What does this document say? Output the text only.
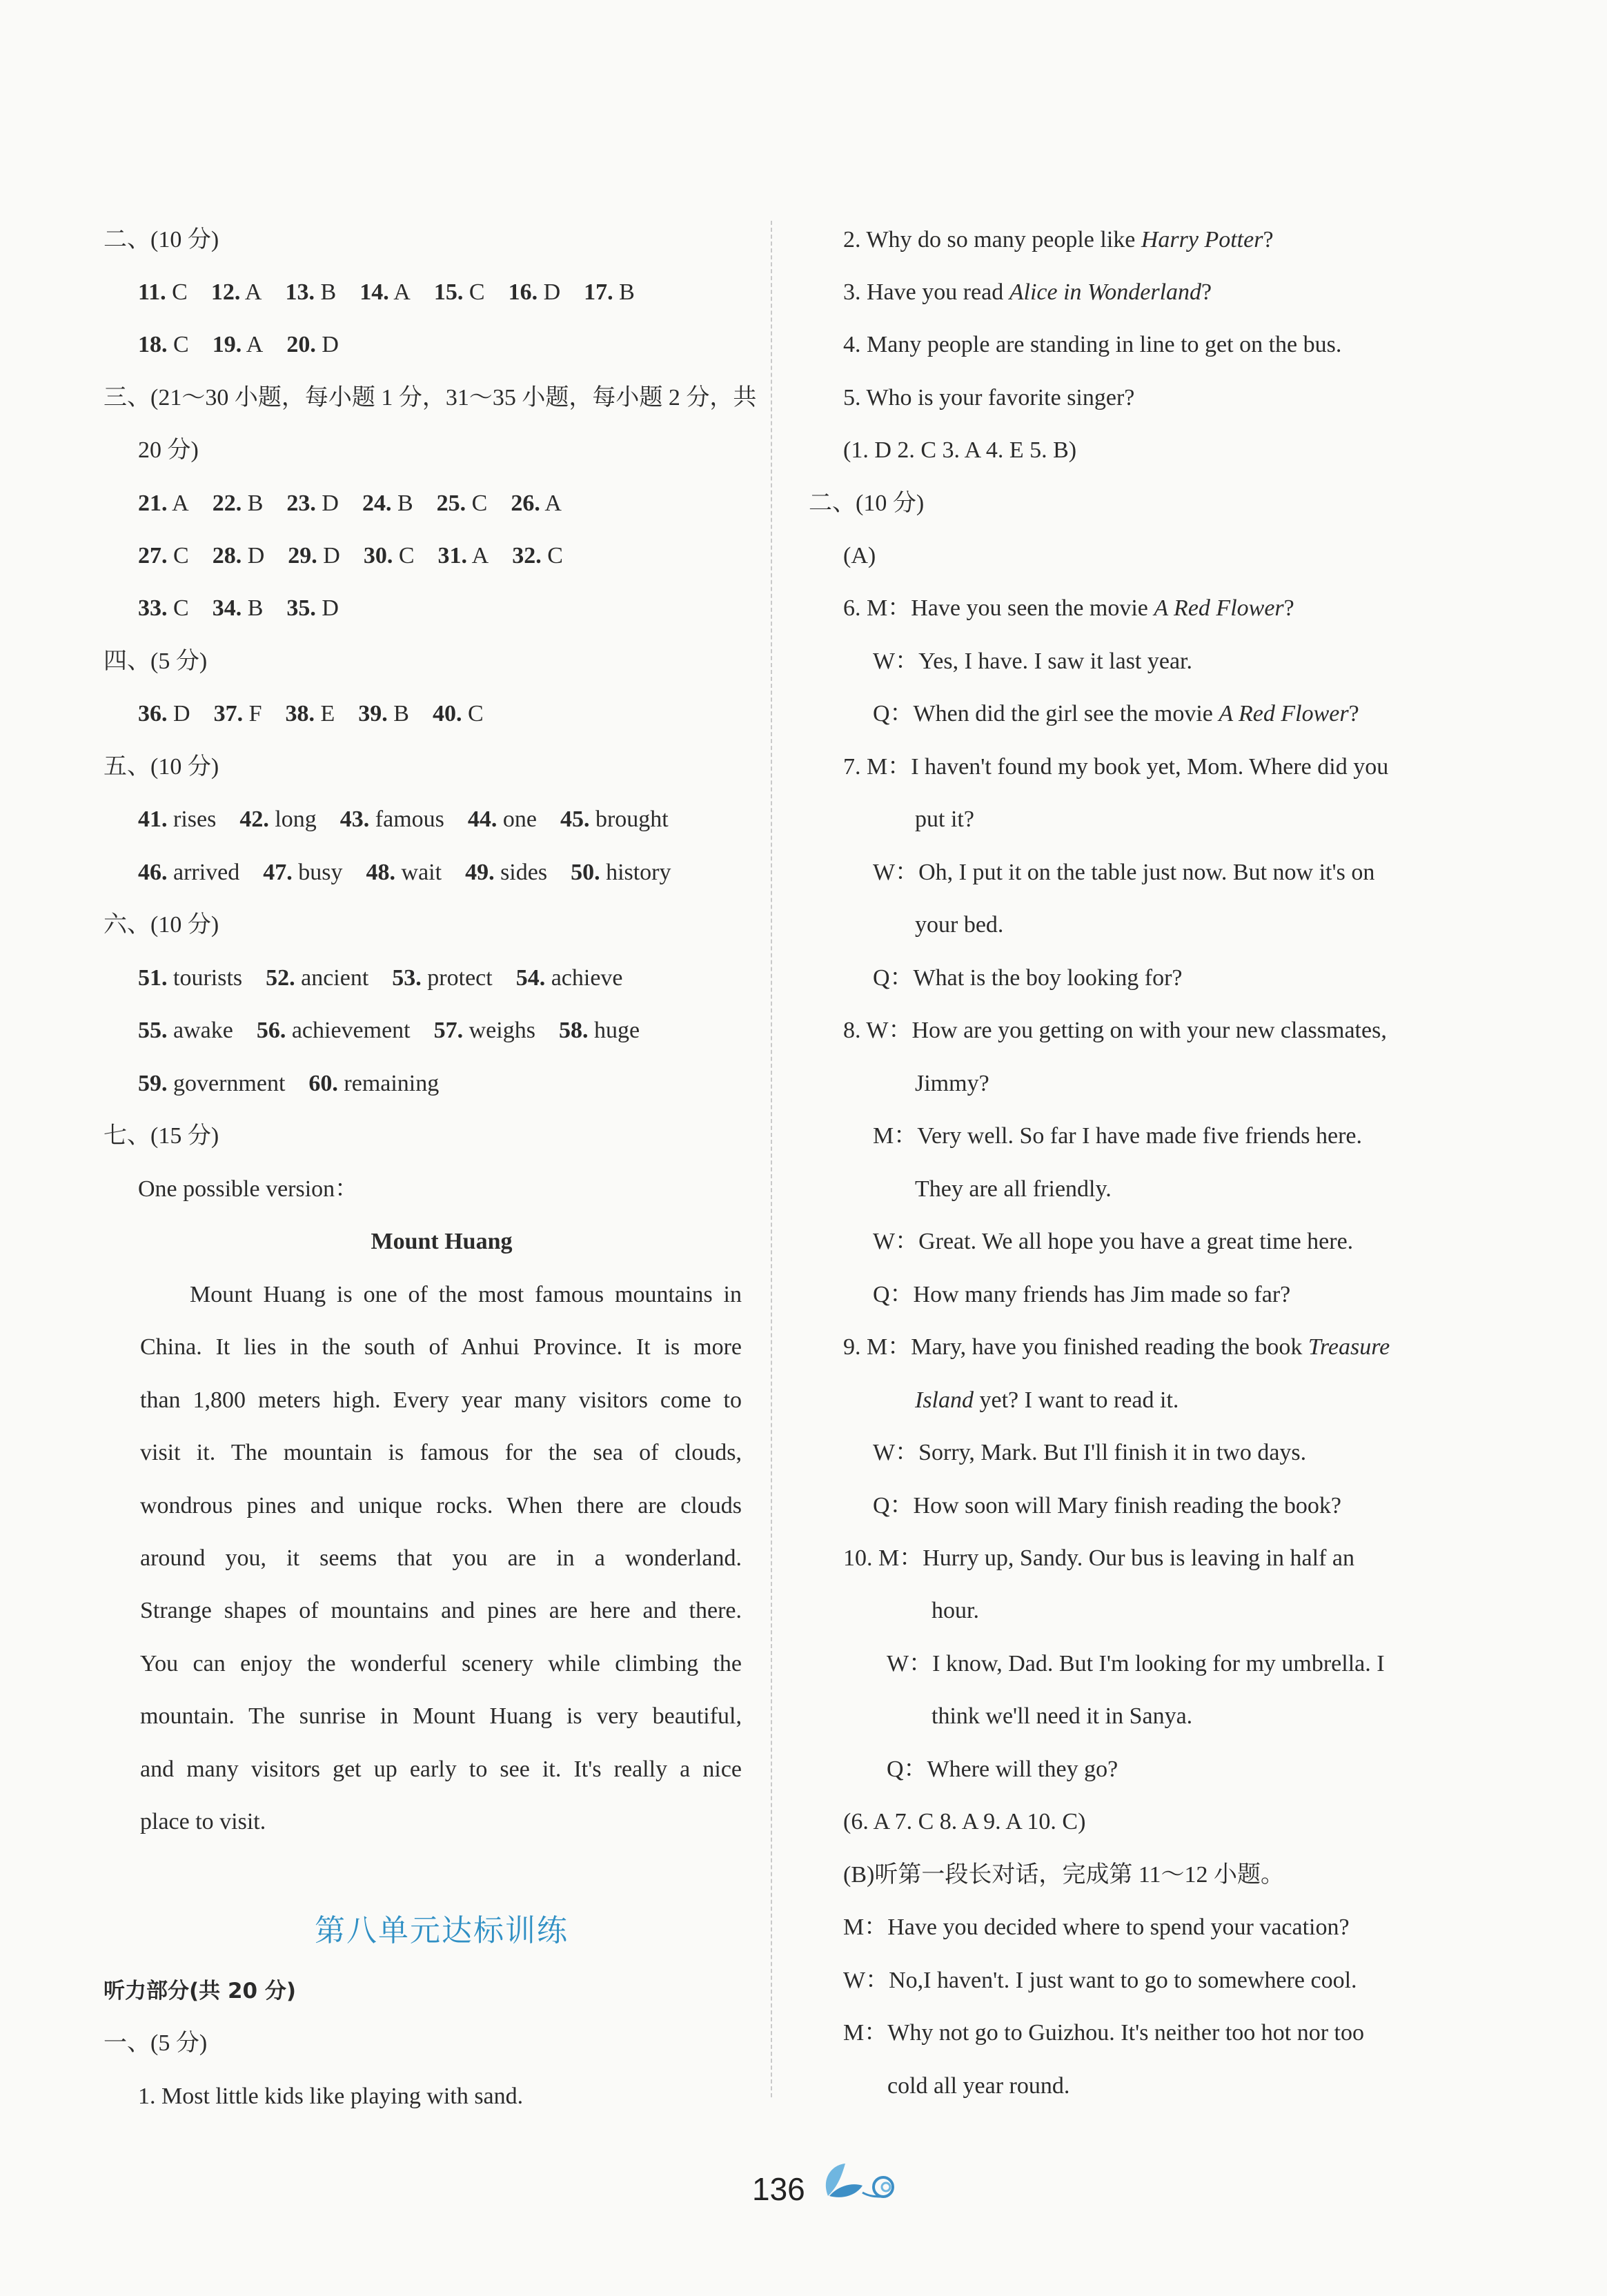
二、(10 分)
11. C 12. A 13. B 14. A 15. C 16. D 17. B
18. C 19. A 20. D
三、(21～30 小题，每小题 1 分，31～35 小题，每小题 2 分，共
20 分)
21. A 22. B 23. D 24. B 25. C 26. A
27. C 28. D 29. D 30. C 31. A 32. C
33. C 34. B 35. D
四、(5 分)
36. D 37. F 38. E 39. B 40. C
五、(10 分)
41. rises 42. long 43. famous 44. one 45. brought
46. arrived 47. busy 48. wait 49. sides 50. history
六、(10 分)
51. tourists 52. ancient 53. protect 54. achieve
55. awake 56. achievement 57. weighs 58. huge
59. government 60. remaining
七、(15 分)
One possible version：
Mount Huang
Mount Huang is one of the most famous mountains in
China. It lies in the south of Anhui Province. It is more
than 1,800 meters high. Every year many visitors come to
visit it. The mountain is famous for the sea of clouds,
wondrous pines and unique rocks. When there are clouds
around you, it seems that you are in a wonderland.
Strange shapes of mountains and pines are here and there.
You can enjoy the wonderful scenery while climbing the
mountain. The sunrise in Mount Huang is very beautiful,
and many visitors get up early to see it. It's really a nice
place to visit.
第八单元达标训练
听力部分(共 20 分)
一、(5 分)
1. Most little kids like playing with sand.
2. Why do so many people like Harry Potter?
3. Have you read Alice in Wonderland?
4. Many people are standing in line to get on the bus.
5. Who is your favorite singer?
(1. D 2. C 3. A 4. E 5. B)
二、(10 分)
(A)
6. M：Have you seen the movie A Red Flower?
W：Yes, I have. I saw it last year.
Q：When did the girl see the movie A Red Flower?
7. M：I haven't found my book yet, Mom. Where did you
put it?
W：Oh, I put it on the table just now. But now it's on
your bed.
Q：What is the boy looking for?
8. W：How are you getting on with your new classmates,
Jimmy?
M：Very well. So far I have made five friends here.
They are all friendly.
W：Great. We all hope you have a great time here.
Q：How many friends has Jim made so far?
9. M：Mary, have you finished reading the book Treasure
Island yet? I want to read it.
W：Sorry, Mark. But I'll finish it in two days.
Q：How soon will Mary finish reading the book?
10. M：Hurry up, Sandy. Our bus is leaving in half an
hour.
W：I know, Dad. But I'm looking for my umbrella. I
think we'll need it in Sanya.
Q：Where will they go?
(6. A 7. C 8. A 9. A 10. C)
(B)听第一段长对话，完成第 11～12 小题。
M：Have you decided where to spend your vacation?
W：No,I haven't. I just want to go to somewhere cool.
M：Why not go to Guizhou. It's neither too hot nor too
cold all year round.
136
